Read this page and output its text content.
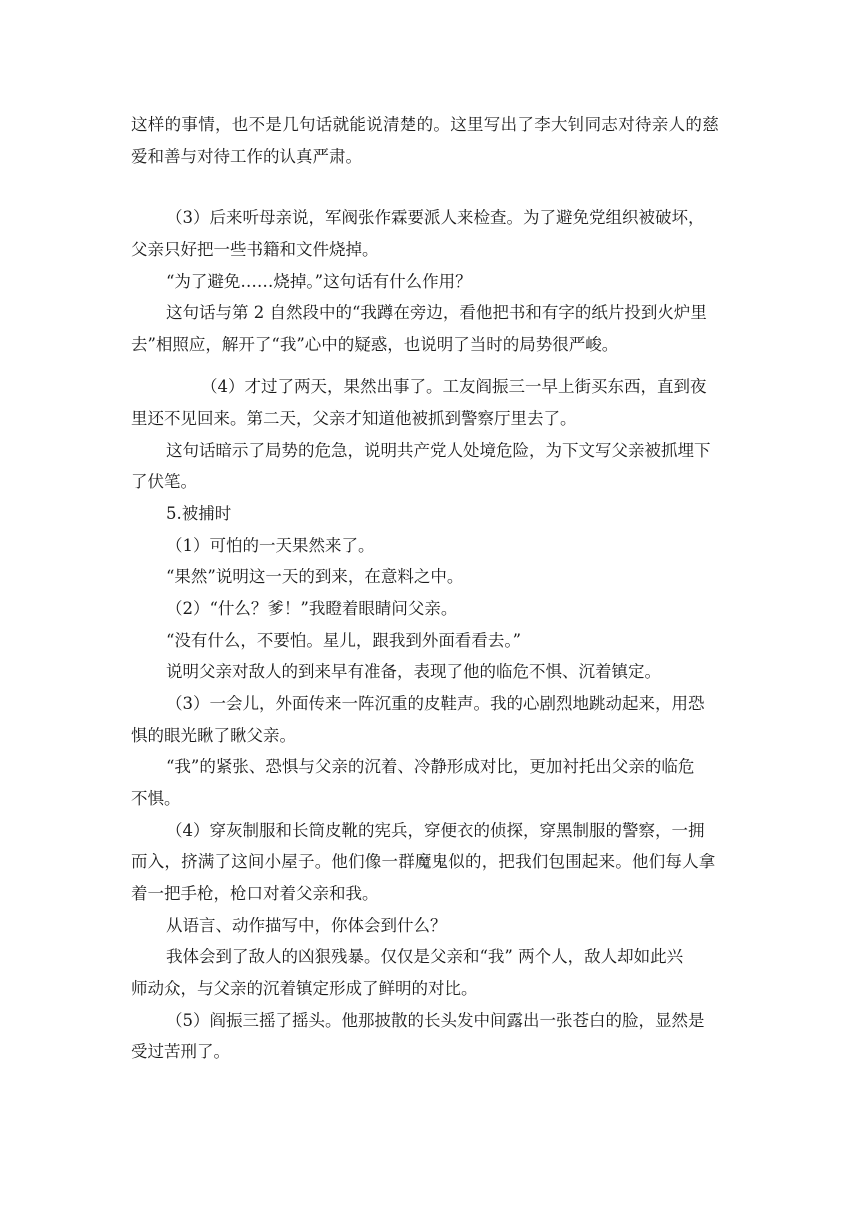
这样的事情，也不是几句话就能说清楚的。这里写出了李大钊同志对待亲人的慈
爱和善与对待工作的认真严肃。
（3）后来听母亲说，军阀张作霖要派人来检查。为了避免党组织被破坏，
父亲只好把一些书籍和文件烧掉。
“为了避免……烧掉。”这句话有什么作用？
这句话与第 2 自然段中的“我蹲在旁边，看他把书和有字的纸片投到火炉里
去”相照应，解开了“我”心中的疑惑，也说明了当时的局势很严峻。
（4）才过了两天，果然出事了。工友阎振三一早上街买东西，直到夜
里还不见回来。第二天，父亲才知道他被抓到警察厅里去了。
这句话暗示了局势的危急，说明共产党人处境危险，为下文写父亲被抓埋下
了伏笔。
5.被捕时
（1）可怕的一天果然来了。
“果然”说明这一天的到来，在意料之中。
（2）“什么？爹！”我瞪着眼睛问父亲。
“没有什么，不要怕。星儿，跟我到外面看看去。”
说明父亲对敌人的到来早有准备，表现了他的临危不惧、沉着镇定。
（3）一会儿，外面传来一阵沉重的皮鞋声。我的心剧烈地跳动起来，用恐
惧的眼光瞅了瞅父亲。
“我”的紧张、恐惧与父亲的沉着、冷静形成对比，更加衬托出父亲的临危
不惧。
（4）穿灰制服和长筒皮靴的宪兵，穿便衣的侦探，穿黑制服的警察，一拥
而入，挤满了这间小屋子。他们像一群魔鬼似的，把我们包围起来。他们每人拿
着一把手枪，枪口对着父亲和我。
从语言、动作描写中，你体会到什么？
我体会到了敌人的凶狠残暴。仅仅是父亲和“我” 两个人，敌人却如此兴
师动众，与父亲的沉着镇定形成了鲜明的对比。
（5）阎振三摇了摇头。他那披散的长头发中间露出一张苍白的脸，显然是
受过苦刑了。
